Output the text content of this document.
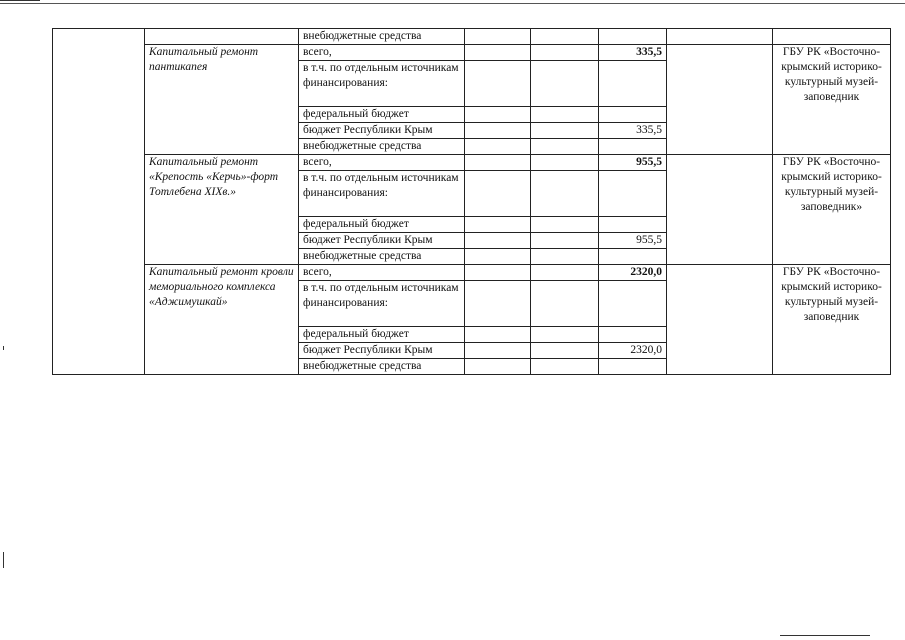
		внебюджетные средства					
	Капитальный ремонт пантикапея	всего,			335,5		ГБУ РК «Восточно-крымский историко-культурный музей-заповедник
		в т.ч. по отдельным источникам финансирования:					
		федеральный бюджет					
		бюджет Республики Крым			335,5		
		внебюджетные средства					
	Капитальный ремонт «Крепость «Керчь»-форт Тотлебена XIXв.»	всего,			955,5		ГБУ РК «Восточно-крымский историко-культурный музей-заповедник»
		в т.ч. по отдельным источникам финансирования:					
		федеральный бюджет					
		бюджет Республики Крым			955,5		
		внебюджетные средства					
	Капитальный ремонт кровли мемориального комплекса «Аджимушкай»	всего,			2320,0		ГБУ РК «Восточно-крымский историко-культурный музей-заповедник
		в т.ч. по отдельным источникам финансирования:					
		федеральный бюджет					
		бюджет Республики Крым			2320,0		
		внебюджетные средства					
